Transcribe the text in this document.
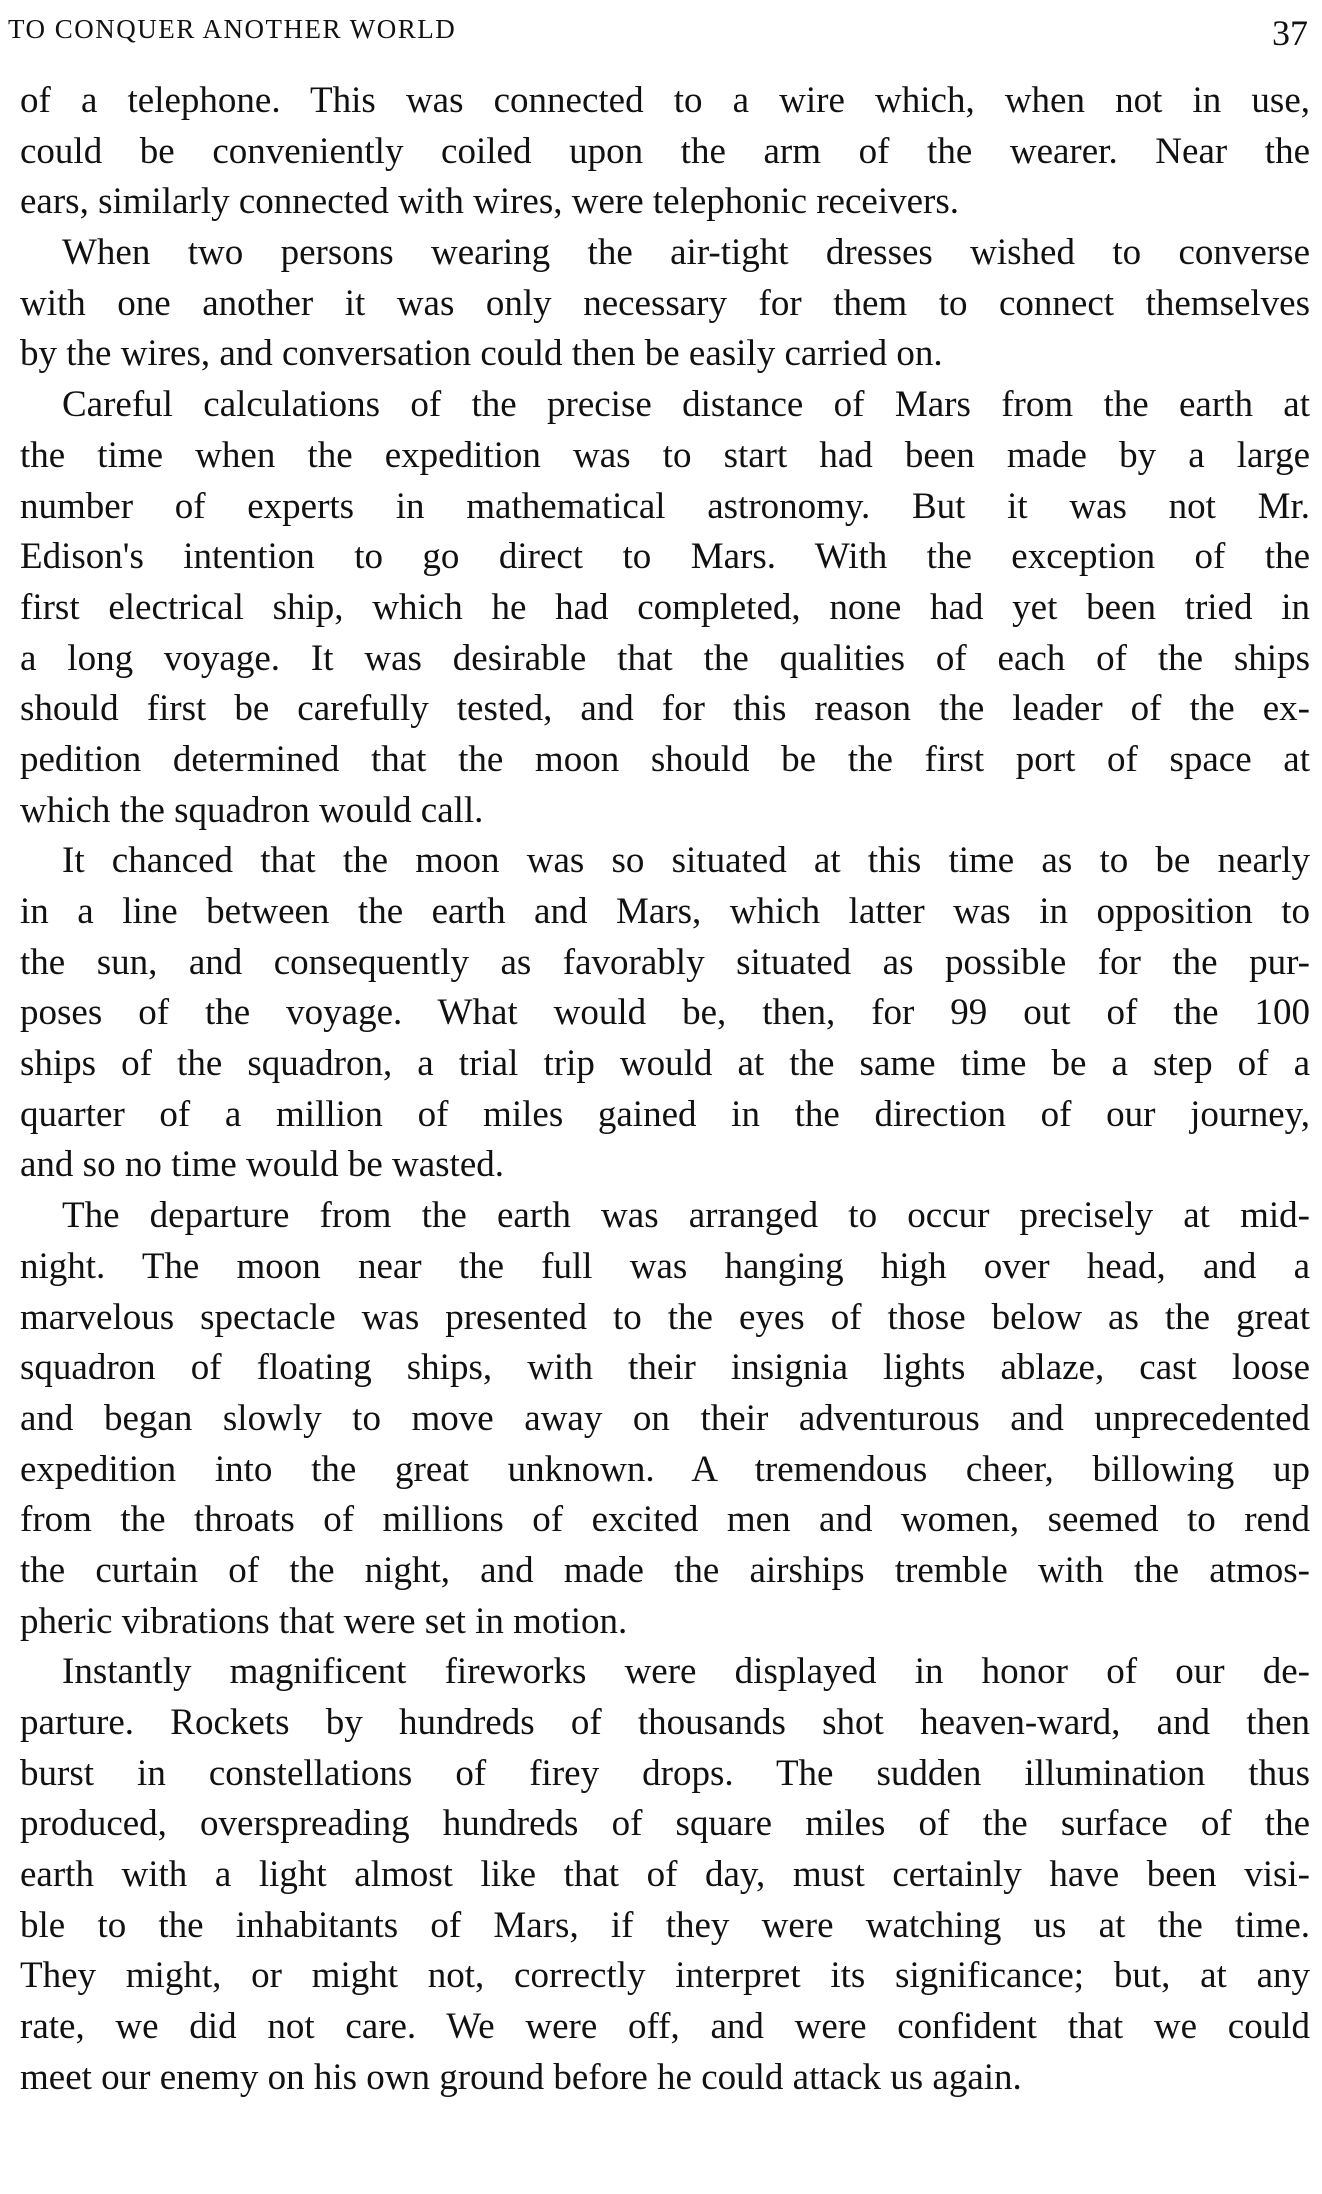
TO CONQUER ANOTHER WORLD	37
of a telephone. This was connected to a wire which, when not in use,
could be conveniently coiled upon the arm of the wearer. Near the
ears, similarly connected with wires, were telephonic receivers.
When two persons wearing the air-tight dresses wished to converse
with one another it was only necessary for them to connect themselves
by the wires, and conversation could then be easily carried on.
Careful calculations of the precise distance of Mars from the earth at
the time when the expedition was to start had been made by a large
number of experts in mathematical astronomy. But it was not Mr.
Edison's intention to go direct to Mars. With the exception of the
first electrical ship, which he had completed, none had yet been tried in
a long voyage. It was desirable that the qualities of each of the ships
should first be carefully tested, and for this reason the leader of the ex-
pedition determined that the moon should be the first port of space at
which the squadron would call.
It chanced that the moon was so situated at this time as to be nearly
in a line between the earth and Mars, which latter was in opposition to
the sun, and consequently as favorably situated as possible for the pur-
poses of the voyage. What would be, then, for 99 out of the 100
ships of the squadron, a trial trip would at the same time be a step of a
quarter of a million of miles gained in the direction of our journey,
and so no time would be wasted.
The departure from the earth was arranged to occur precisely at mid-
night. The moon near the full was hanging high over head, and a
marvelous spectacle was presented to the eyes of those below as the great
squadron of floating ships, with their insignia lights ablaze, cast loose
and began slowly to move away on their adventurous and unprecedented
expedition into the great unknown. A tremendous cheer, billowing up
from the throats of millions of excited men and women, seemed to rend
the curtain of the night, and made the airships tremble with the atmos-
pheric vibrations that were set in motion.
Instantly magnificent fireworks were displayed in honor of our de-
parture. Rockets by hundreds of thousands shot heaven-ward, and then
burst in constellations of firey drops. The sudden illumination thus
produced, overspreading hundreds of square miles of the surface of the
earth with a light almost like that of day, must certainly have been visi-
ble to the inhabitants of Mars, if they were watching us at the time.
They might, or might not, correctly interpret its significance; but, at any
rate, we did not care. We were off, and were confident that we could
meet our enemy on his own ground before he could attack us again.
